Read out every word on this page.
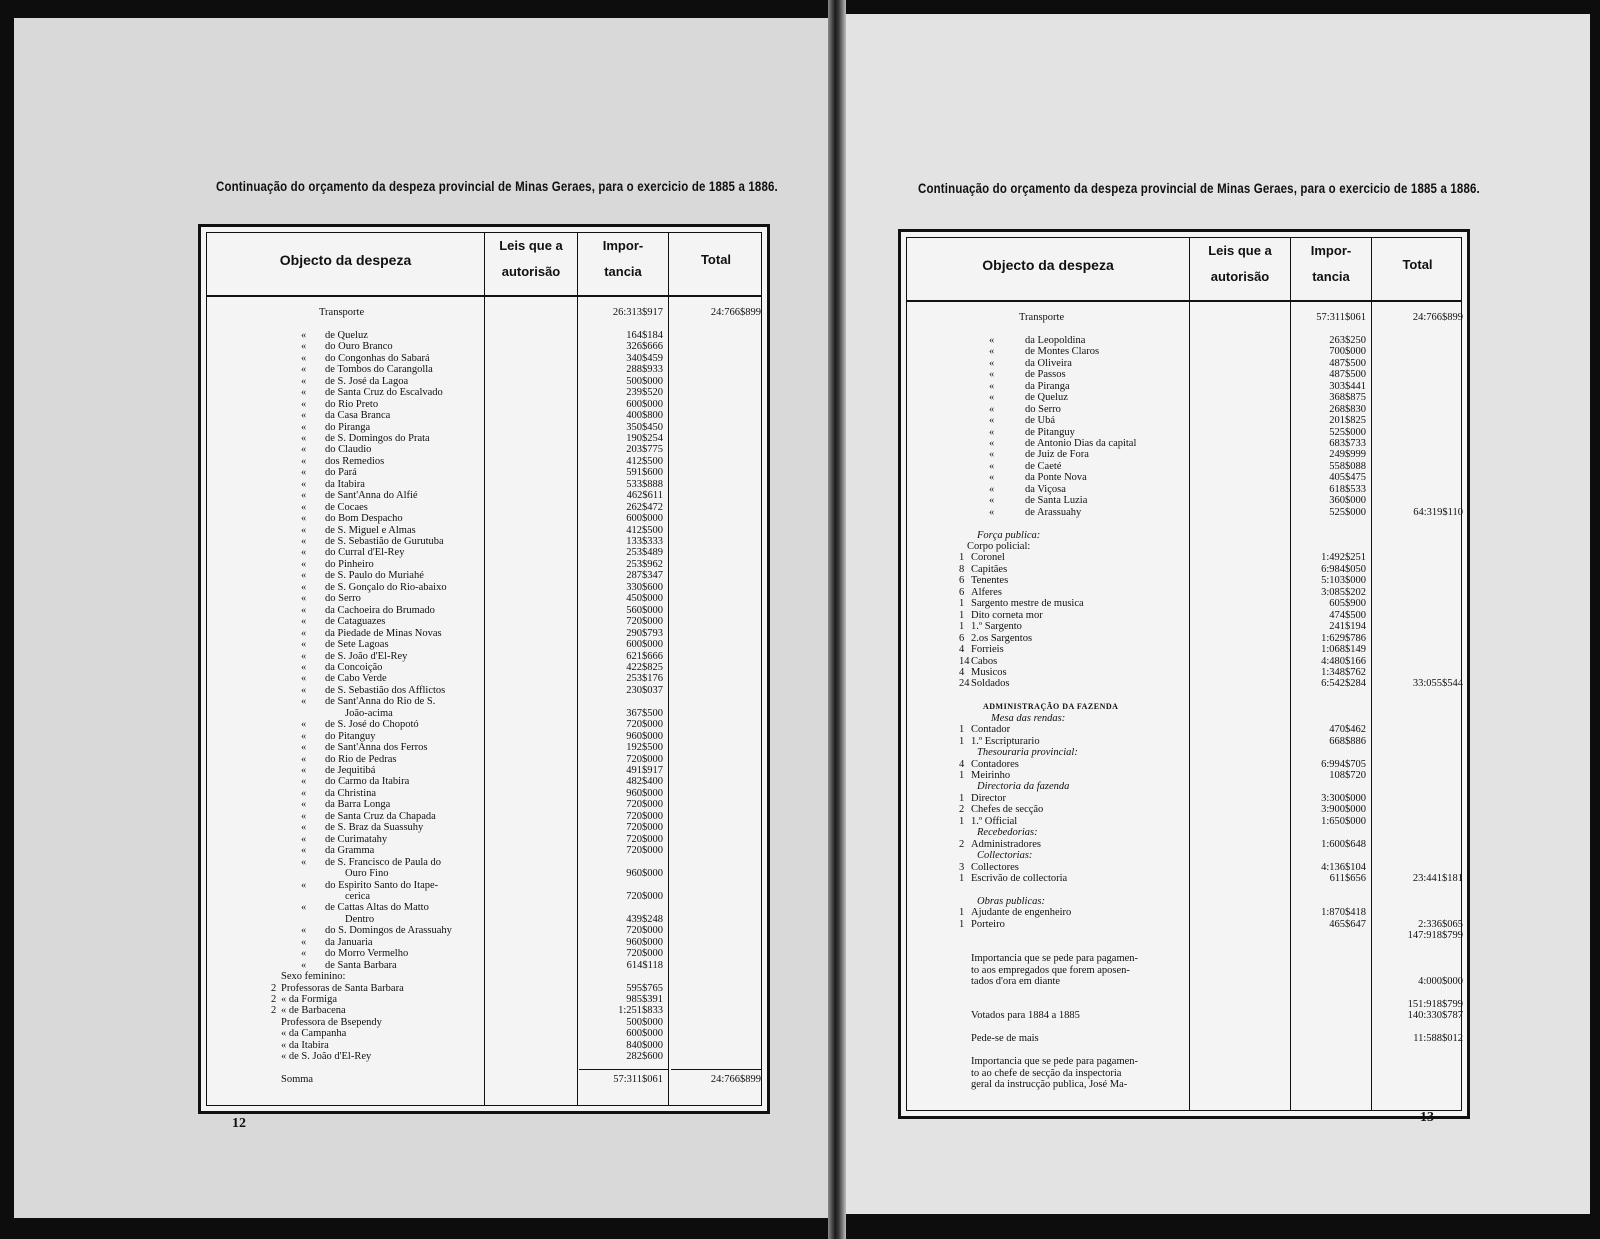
Continuação do orçamento da despeza provincial de Minas Geraes, para o exercicio de 1885 a 1886.
Objecto da despeza
Leis que a
autorisão
Impor-
tancia
Total
Transporte	26:313$917	24:766$899
« de Queluz	164$184
« do Ouro Branco	326$666
« do Congonhas do Sabará	340$459
« de Tombos do Carangolla	288$933
« de S. José da Lagoa	500$000
« de Santa Cruz do Escalvado	239$520
« do Rio Preto	600$000
« da Casa Branca	400$800
« do Piranga	350$450
« de S. Domingos do Prata	190$254
« do Claudio	203$775
« dos Remedios	412$500
« do Pará	591$600
« da Itabira	533$888
« de Sant'Anna do Alfié	462$611
« de Cocaes	262$472
« do Bom Despacho	600$000
« de S. Miguel e Almas	412$500
« de S. Sebastião de Gurutuba	133$333
« do Curral d'El-Rey	253$489
« do Pinheiro	253$962
« de S. Paulo do Muriahé	287$347
« de S. Gonçalo do Rio-abaixo	330$600
« do Serro	450$000
« da Cachoeira do Brumado	560$000
« de Cataguazes	720$000
« da Piedade de Minas Novas	290$793
« de Sete Lagoas	600$000
« de S. João d'El-Rey	621$666
« da Concoição	422$825
« de Cabo Verde	253$176
« de S. Sebastião dos Afflictos	230$037
« de Sant'Anna do Rio de S.
João-acima	367$500
« de S. José do Chopotó	720$000
« do Pitanguy	960$000
« de Sant'Anna dos Ferros	192$500
« do Rio de Pedras	720$000
« de Jequitibá	491$917
« do Carmo da Itabira	482$400
« da Christina	960$000
« da Barra Longa	720$000
« de Santa Cruz da Chapada	720$000
« de S. Braz da Suassuhy	720$000
« de Curimatahy	720$000
« da Gramma	720$000
« de S. Francisco de Paula do
Ouro Fino	960$000
« do Espirito Santo do Itape-
cerica	720$000
« de Cattas Altas do Matto
Dentro	439$248
« do S. Domingos de Arassuahy	720$000
« da Januaria	960$000
« do Morro Vermelho	720$000
« de Santa Barbara	614$118
Sexo feminino:
2 Professoras de Santa Barbara	595$765
2 « da Formiga	985$391
2 « de Barbacena	1:251$833
Professora de Bsependy	500$000
« da Campanha	600$000
« da Itabira	840$000
« de S. João d'El-Rey	282$600
Somma	57:311$061	24:766$899
12
Continuação do orçamento da despeza provincial de Minas Geraes, para o exercicio de 1885 a 1886.
Objecto da despeza
Leis que a
autorisão
Impor-
tancia
Total
Transporte	57:311$061	24:766$899
«	da Leopoldina	263$250
«	de Montes Claros	700$000
«	da Oliveira	487$500
«	de Passos	487$500
«	da Piranga	303$441
«	de Queluz	368$875
«	do Serro	268$830
«	de Ubá	201$825
«	de Pitanguy	525$000
«	de Antonio Dias da capital	683$733
«	de Juiz de Fora	249$999
«	de Caeté	558$088
«	da Ponte Nova	405$475
«	da Viçosa	618$533
«	de Santa Luzia	360$000
«	de Arassuahy	525$000	64:319$110
Força publica:
Corpo policial:
1 Coronel	1:492$251
8 Capitães	6:984$050
6 Tenentes	5:103$000
6 Alferes	3:085$202
1 Sargento mestre de musica	605$900
1 Dito corneta mor	474$500
1 1.º Sargento	241$194
6 2.os Sargentos	1:629$786
4 Forrieis	1:068$149
14 Cabos	4:480$166
4 Musicos	1:348$762
24 Soldados	6:542$284	33:055$544
ADMINISTRAÇÃO DA FAZENDA
Mesa das rendas:
1 Contador	470$462
1 1.º Escripturario	668$886
Thesouraria provincial:
4 Contadores	6:994$705
1 Meirinho	108$720
Directoria da fazenda
1 Director	3:300$000
2 Chefes de secção	3:900$000
1 1.º Official	1:650$000
Recebedorias:
2 Administradores	1:600$648
Collectorias:
3 Collectores	4:136$104
1 Escrivão de collectoria	611$656	23:441$181
Obras publicas:
1 Ajudante de engenheiro	1:870$418
1 Porteiro	465$647	2:336$065
147:918$799
Importancia que se pede para pagamen-
to aos empregados que forem aposen-
tados d'ora em diante	4:000$000
151:918$799
Votados para 1884 a 1885	140:330$787
Pede-se de mais	11:588$012
Importancia que se pede para pagamen-
to ao chefe de secção da inspectoria
geral da instrucção publica, José Ma-
13
